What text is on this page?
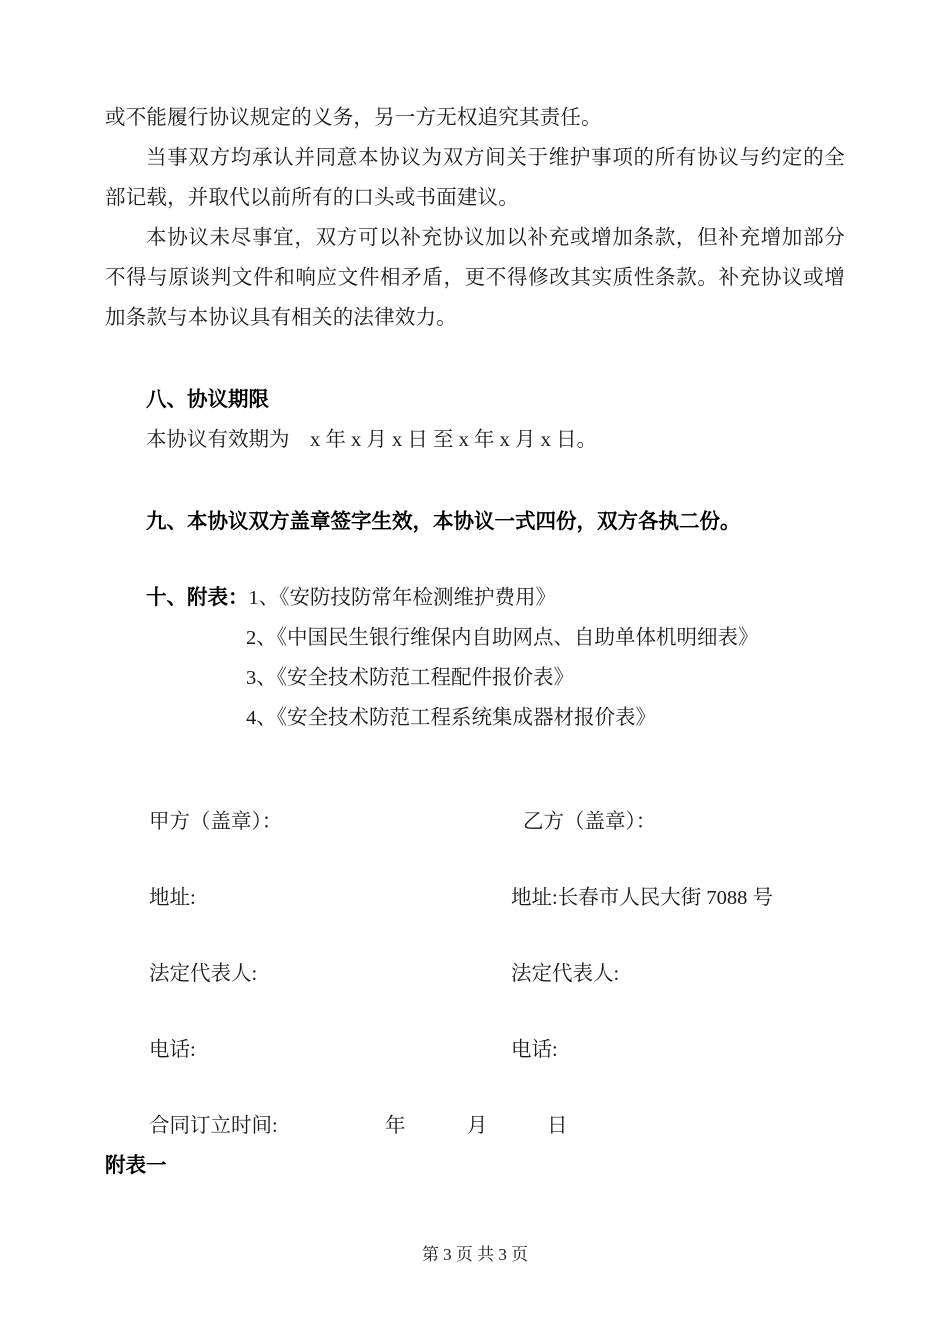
或不能履行协议规定的义务，另一方无权追究其责任。

当事双方均承认并同意本协议为双方间关于维护事项的所有协议与约定的全部记载，并取代以前所有的口头或书面建议。

本协议未尽事宜，双方可以补充协议加以补充或增加条款，但补充增加部分不得与原谈判文件和响应文件相矛盾，更不得修改其实质性条款。补充协议或增加条款与本协议具有相关的法律效力。

八、协议期限

本协议有效期为　x 年 x 月 x 日 至 x 年 x 月 x 日。

九、本协议双方盖章签字生效，本协议一式四份，双方各执二份。

十、附表：1、《安防技防常年检测维护费用》

2、《中国民生银行维保内自助网点、自助单体机明细表》

3、《安全技术防范工程配件报价表》

4、《安全技术防范工程系统集成器材报价表》

甲方（盖章）：	乙方（盖章）：
地址:	地址:长春市人民大街 7088 号
法定代表人:	法定代表人:
电话:	电话:
合同订立时间:	年	月	日
附表一
第 3 页 共 3 页
